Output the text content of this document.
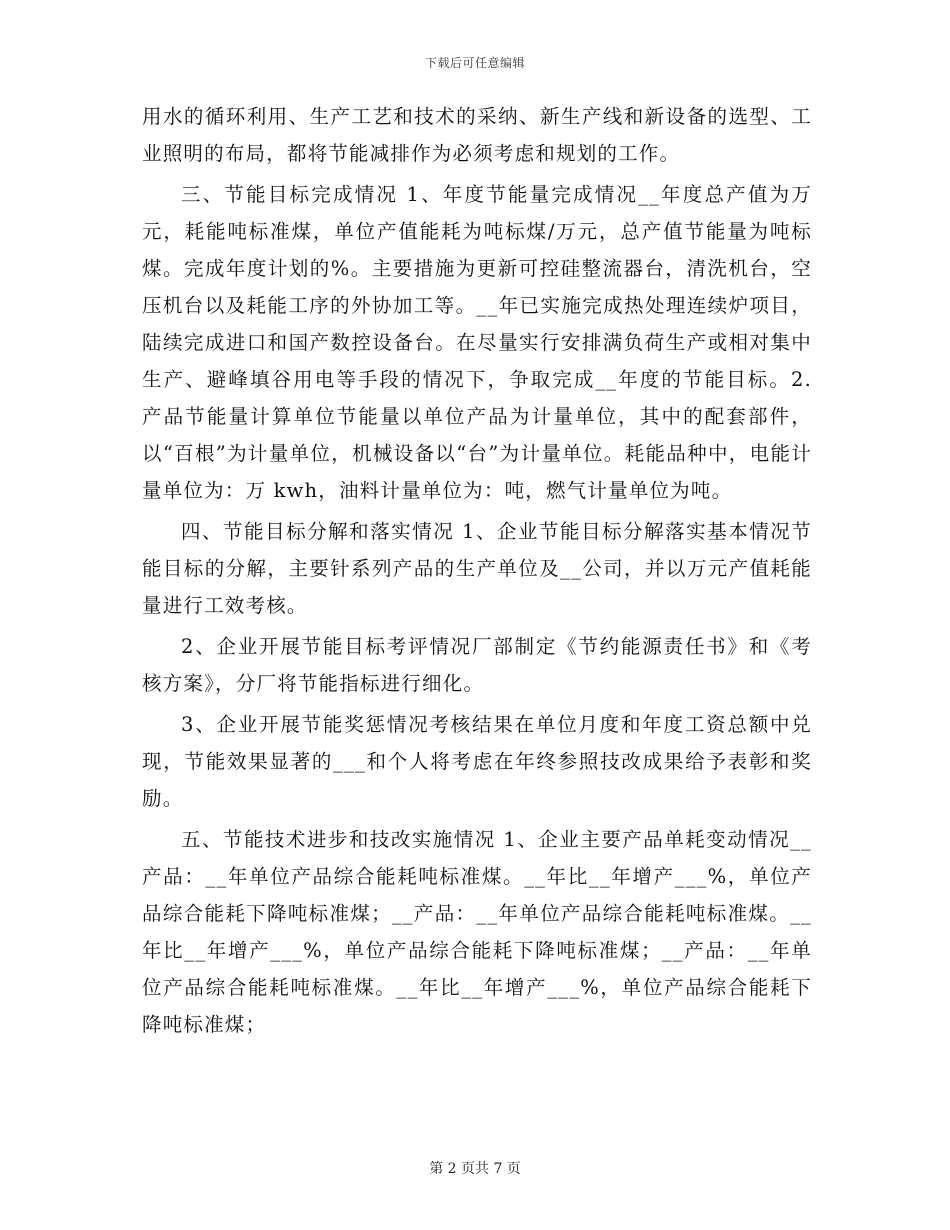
下载后可任意编辑

用水的循环利用、生产工艺和技术的采纳、新生产线和新设备的选型、工业照明的布局，都将节能减排作为必须考虑和规划的工作。

三、节能目标完成情况 1、年度节能量完成情况__年度总产值为万元，耗能吨标准煤，单位产值能耗为吨标煤/万元，总产值节能量为吨标煤。完成年度计划的%。主要措施为更新可控硅整流器台，清洗机台，空压机台以及耗能工序的外协加工等。__年已实施完成热处理连续炉项目，陆续完成进口和国产数控设备台。在尽量实行安排满负荷生产或相对集中生产、避峰填谷用电等手段的情况下，争取完成__年度的节能目标。2. 产品节能量计算单位节能量以单位产品为计量单位，其中的配套部件，以“百根”为计量单位，机械设备以“台”为计量单位。耗能品种中，电能计量单位为：万 kwh，油料计量单位为：吨，燃气计量单位为吨。

四、节能目标分解和落实情况 1、企业节能目标分解落实基本情况节能目标的分解，主要针系列产品的生产单位及__公司，并以万元产值耗能量进行工效考核。

2、企业开展节能目标考评情况厂部制定《节约能源责任书》和《考核方案》，分厂将节能指标进行细化。

3、企业开展节能奖惩情况考核结果在单位月度和年度工资总额中兑现，节能效果显著的___和个人将考虑在年终参照技改成果给予表彰和奖励。

五、节能技术进步和技改实施情况 1、企业主要产品单耗变动情况__产品：__年单位产品综合能耗吨标准煤。__年比__年增产___%，单位产品综合能耗下降吨标准煤；__产品：__年单位产品综合能耗吨标准煤。__年比__年增产___%，单位产品综合能耗下降吨标准煤；__产品：__年单位产品综合能耗吨标准煤。__年比__年增产___%，单位产品综合能耗下降吨标准煤；

第 2 页共 7 页
